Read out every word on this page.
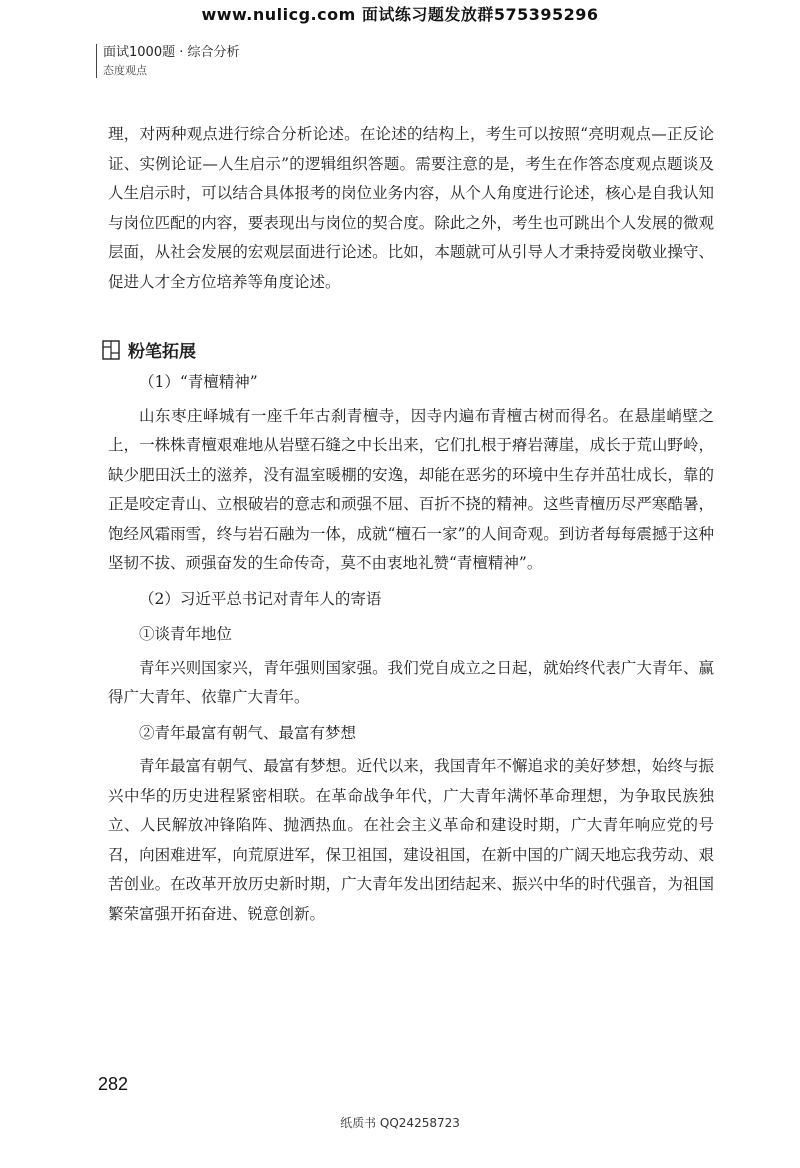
www.nulicg.com 面试练习题发放群575395296
面试1000题 · 综合分析
态度观点

理，对两种观点进行综合分析论述。在论述的结构上，考生可以按照“亮明观点—正反论证、实例论证—人生启示”的逻辑组织答题。需要注意的是，考生在作答态度观点题谈及人生启示时，可以结合具体报考的岗位业务内容，从个人角度进行论述，核心是自我认知与岗位匹配的内容，要表现出与岗位的契合度。除此之外，考生也可跳出个人发展的微观层面，从社会发展的宏观层面进行论述。比如，本题就可从引导人才秉持爱岗敬业操守、促进人才全方位培养等角度论述。

粉笔拓展

（1）“青檀精神”

山东枣庄峄城有一座千年古刹青檀寺，因寺内遍布青檀古树而得名。在悬崖峭壁之上，一株株青檀艰难地从岩壁石缝之中长出来，它们扎根于瘠岩薄崖，成长于荒山野岭，缺少肥田沃土的滋养，没有温室暖棚的安逸，却能在恶劣的环境中生存并茁壮成长，靠的正是咬定青山、立根破岩的意志和顽强不屈、百折不挠的精神。这些青檀历尽严寒酷暑，饱经风霜雨雪，终与岩石融为一体，成就“檀石一家”的人间奇观。到访者每每震撼于这种坚韧不拔、顽强奋发的生命传奇，莫不由衷地礼赞“青檀精神”。

（2）习近平总书记对青年人的寄语

①谈青年地位

青年兴则国家兴，青年强则国家强。我们党自成立之日起，就始终代表广大青年、赢得广大青年、依靠广大青年。

②青年最富有朝气、最富有梦想

青年最富有朝气、最富有梦想。近代以来，我国青年不懈追求的美好梦想，始终与振兴中华的历史进程紧密相联。在革命战争年代，广大青年满怀革命理想，为争取民族独立、人民解放冲锋陷阵、抛洒热血。在社会主义革命和建设时期，广大青年响应党的号召，向困难进军，向荒原进军，保卫祖国，建设祖国，在新中国的广阔天地忘我劳动、艰苦创业。在改革开放历史新时期，广大青年发出团结起来、振兴中华的时代强音，为祖国繁荣富强开拓奋进、锐意创新。

282
纸质书 QQ24258723
